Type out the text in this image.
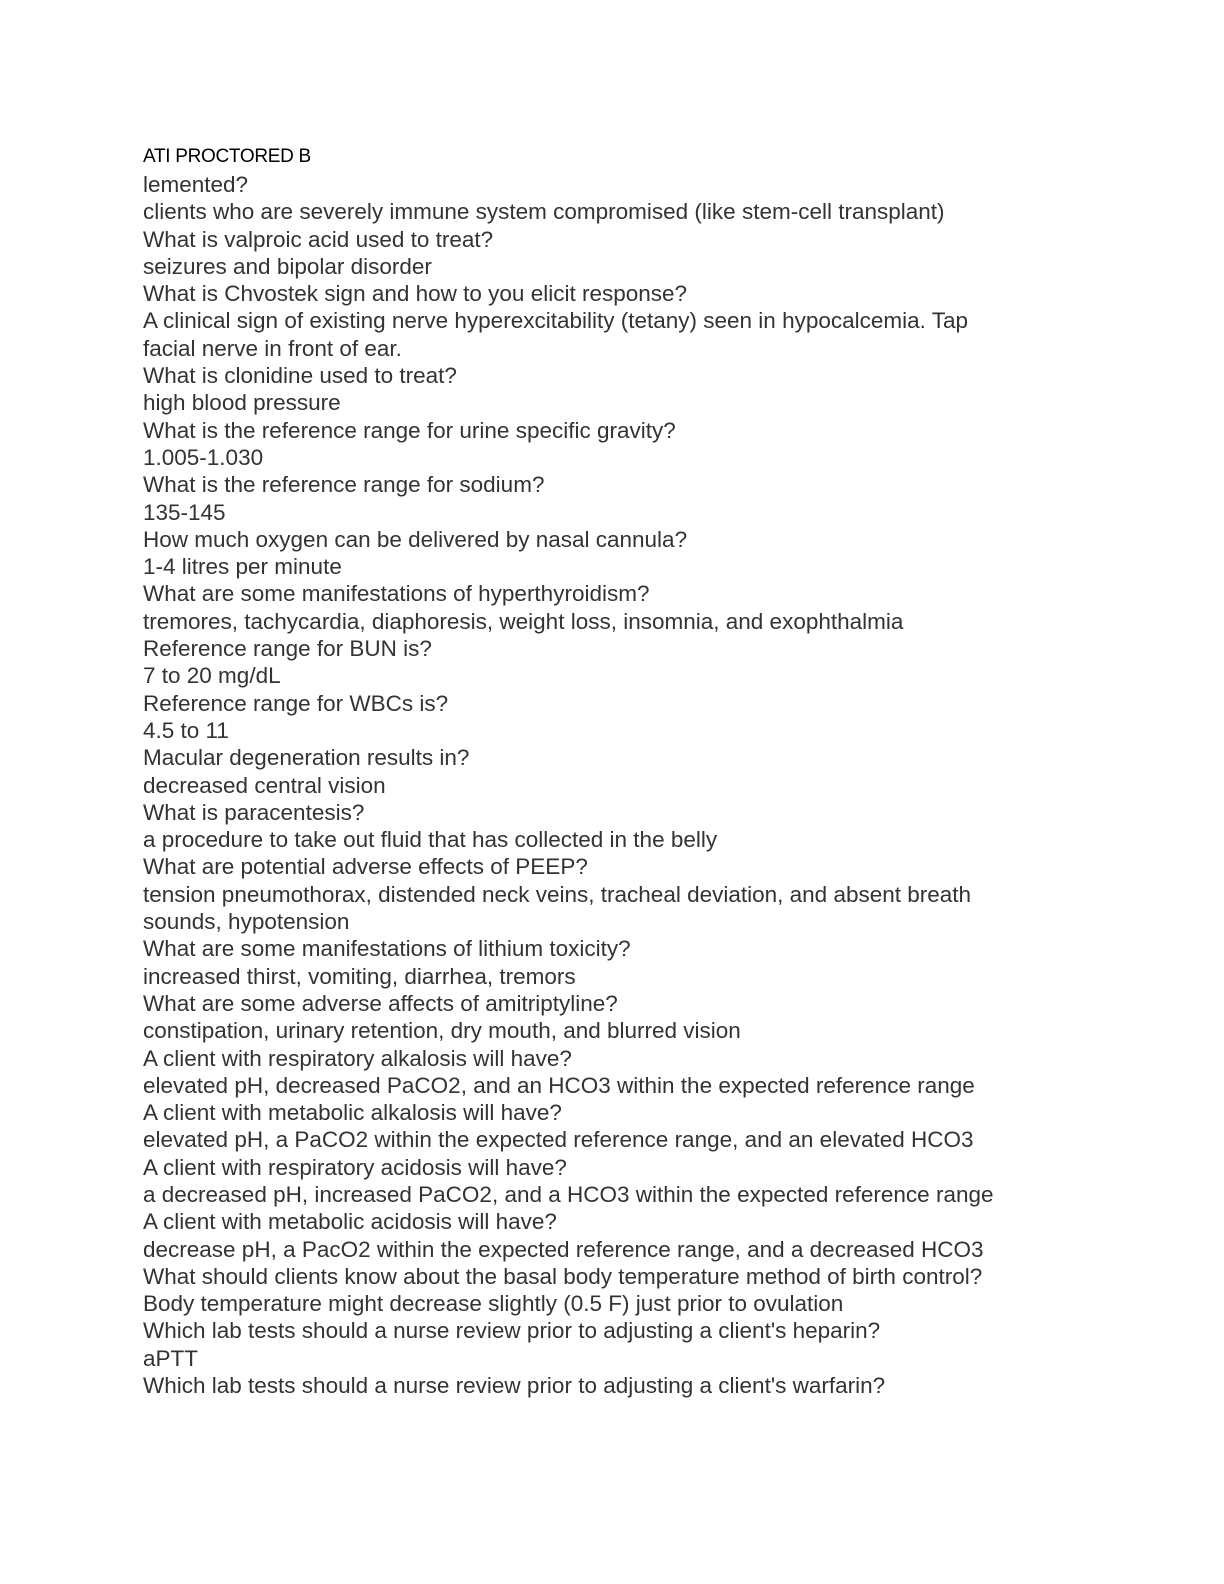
ATI PROCTORED B
lemented?
clients who are severely immune system compromised (like stem-cell transplant)
What is valproic acid used to treat?
seizures and bipolar disorder
What is Chvostek sign and how to you elicit response?
A clinical sign of existing nerve hyperexcitability (tetany) seen in hypocalcemia. Tap
facial nerve in front of ear.
What is clonidine used to treat?
high blood pressure
What is the reference range for urine specific gravity?
1.005-1.030
What is the reference range for sodium?
135-145
How much oxygen can be delivered by nasal cannula?
1-4 litres per minute
What are some manifestations of hyperthyroidism?
tremores, tachycardia, diaphoresis, weight loss, insomnia, and exophthalmia
Reference range for BUN is?
7 to 20 mg/dL
Reference range for WBCs is?
4.5 to 11
Macular degeneration results in?
decreased central vision
What is paracentesis?
a procedure to take out fluid that has collected in the belly
What are potential adverse effects of PEEP?
tension pneumothorax, distended neck veins, tracheal deviation, and absent breath
sounds, hypotension
What are some manifestations of lithium toxicity?
increased thirst, vomiting, diarrhea, tremors
What are some adverse affects of amitriptyline?
constipation, urinary retention, dry mouth, and blurred vision
A client with respiratory alkalosis will have?
elevated pH, decreased PaCO2, and an HCO3 within the expected reference range
A client with metabolic alkalosis will have?
elevated pH, a PaCO2 within the expected reference range, and an elevated HCO3
A client with respiratory acidosis will have?
a decreased pH, increased PaCO2, and a HCO3 within the expected reference range
A client with metabolic acidosis will have?
decrease pH, a PacO2 within the expected reference range, and a decreased HCO3
What should clients know about the basal body temperature method of birth control?
Body temperature might decrease slightly (0.5 F) just prior to ovulation
Which lab tests should a nurse review prior to adjusting a client's heparin?
aPTT
Which lab tests should a nurse review prior to adjusting a client's warfarin?
